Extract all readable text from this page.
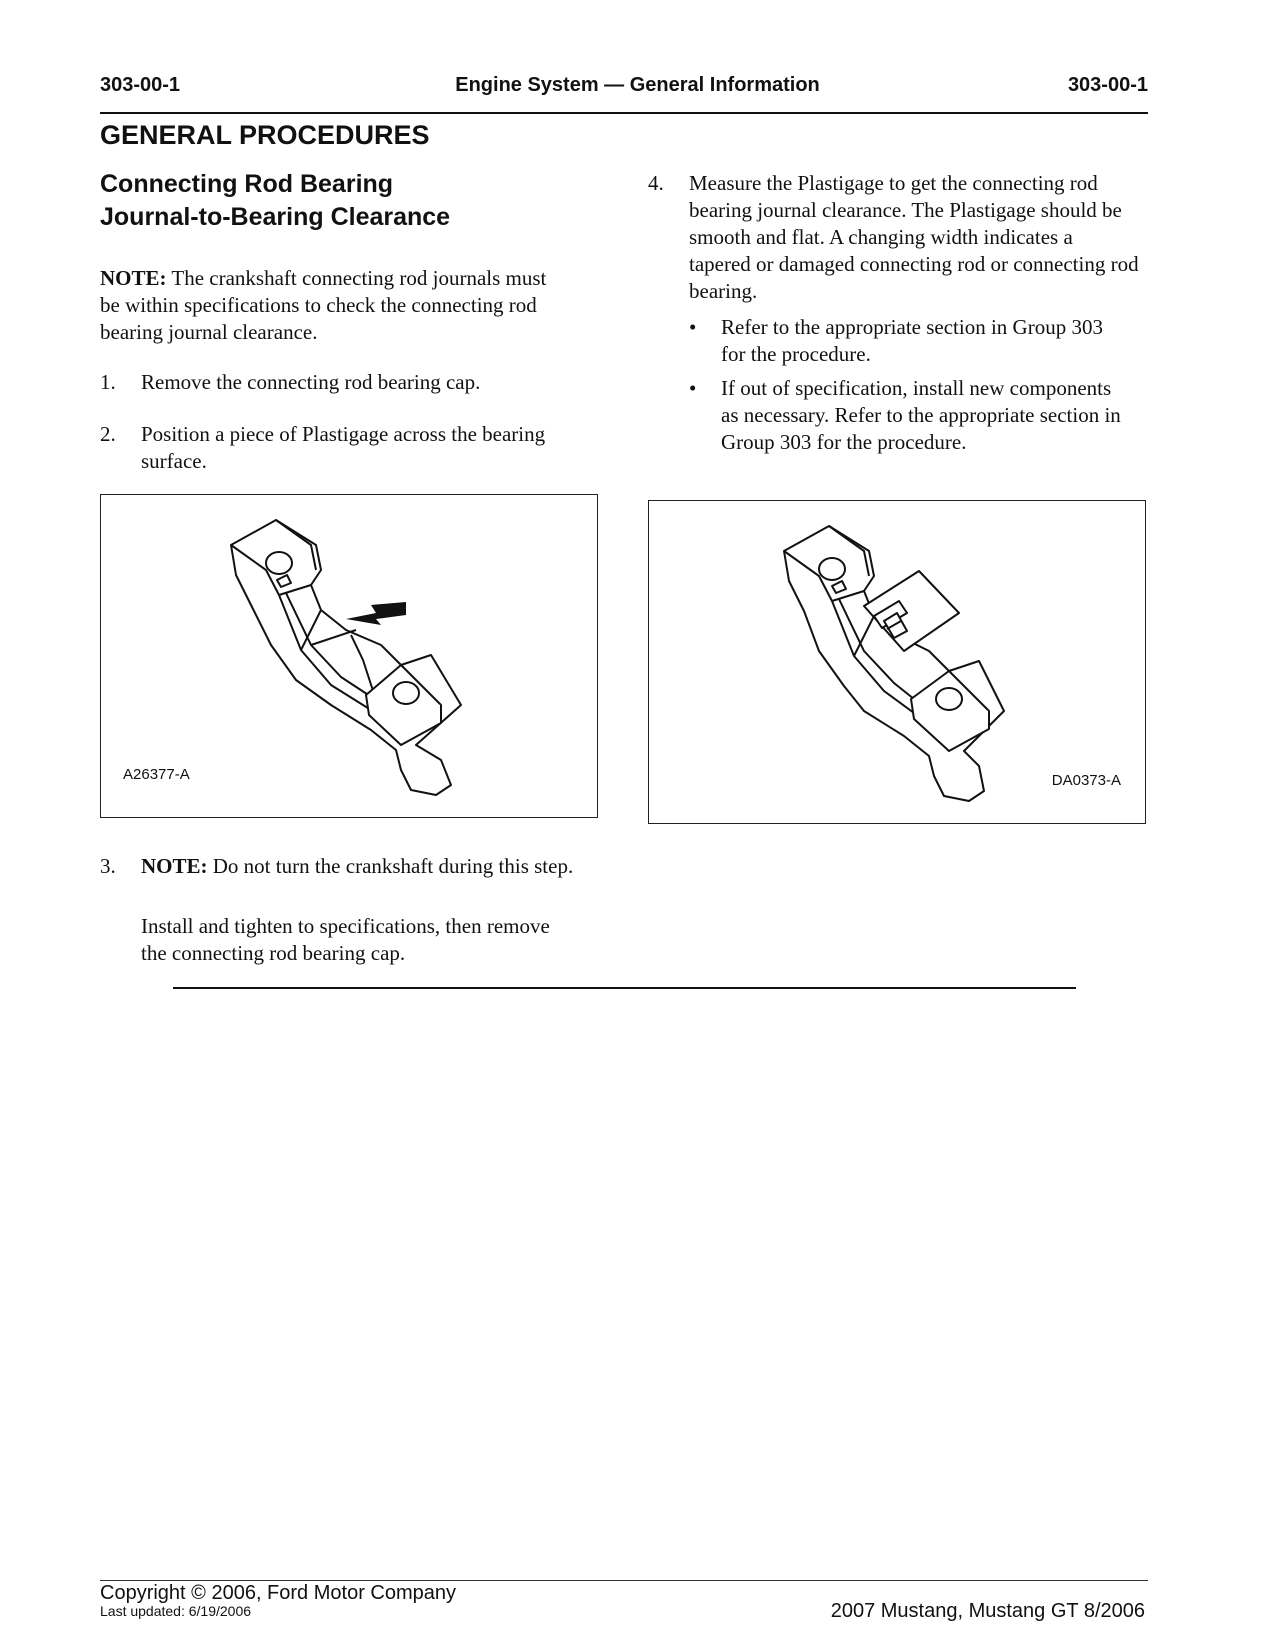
303-00-1	Engine System — General Information	303-00-1
GENERAL PROCEDURES
Connecting Rod Bearing
Journal-to-Bearing Clearance
NOTE: The crankshaft connecting rod journals must be within specifications to check the connecting rod bearing journal clearance.
1. Remove the connecting rod bearing cap.
2. Position a piece of Plastigage across the bearing surface.
A26377-A
3. NOTE: Do not turn the crankshaft during this step.
Install and tighten to specifications, then remove the connecting rod bearing cap.
4. Measure the Plastigage to get the connecting rod bearing journal clearance. The Plastigage should be smooth and flat. A changing width indicates a tapered or damaged connecting rod or connecting rod bearing.
• Refer to the appropriate section in Group 303 for the procedure.
• If out of specification, install new components as necessary. Refer to the appropriate section in Group 303 for the procedure.
DA0373-A
Copyright © 2006, Ford Motor Company
Last updated: 6/19/2006	2007 Mustang, Mustang GT 8/2006
